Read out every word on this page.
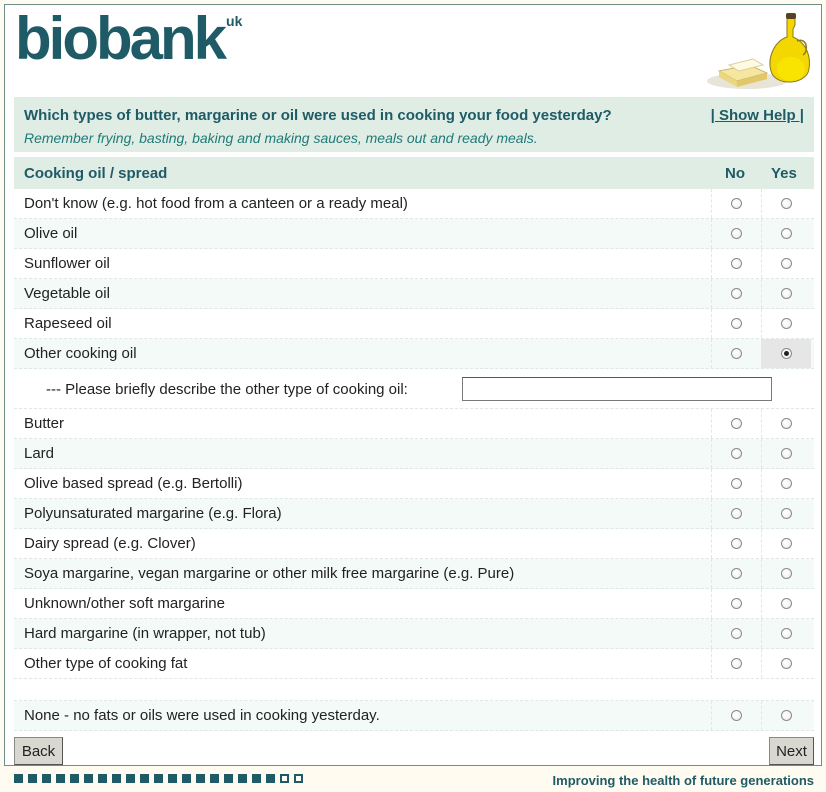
biobank uk
Which types of butter, margarine or oil were used in cooking your food yesterday?
Remember frying, basting, baking and making sauces, meals out and ready meals.
| Show Help |
Cooking oil / spread	No Yes
Don't know (e.g. hot food from a canteen or a ready meal)
Olive oil
Sunflower oil
Vegetable oil
Rapeseed oil
Other cooking oil
--- Please briefly describe the other type of cooking oil:
Butter
Lard
Olive based spread (e.g. Bertolli)
Polyunsaturated margarine (e.g. Flora)
Dairy spread (e.g. Clover)
Soya margarine, vegan margarine or other milk free margarine (e.g. Pure)
Unknown/other soft margarine
Hard margarine (in wrapper, not tub)
Other type of cooking fat
None - no fats or oils were used in cooking yesterday.
Back	Next
Improving the health of future generations
